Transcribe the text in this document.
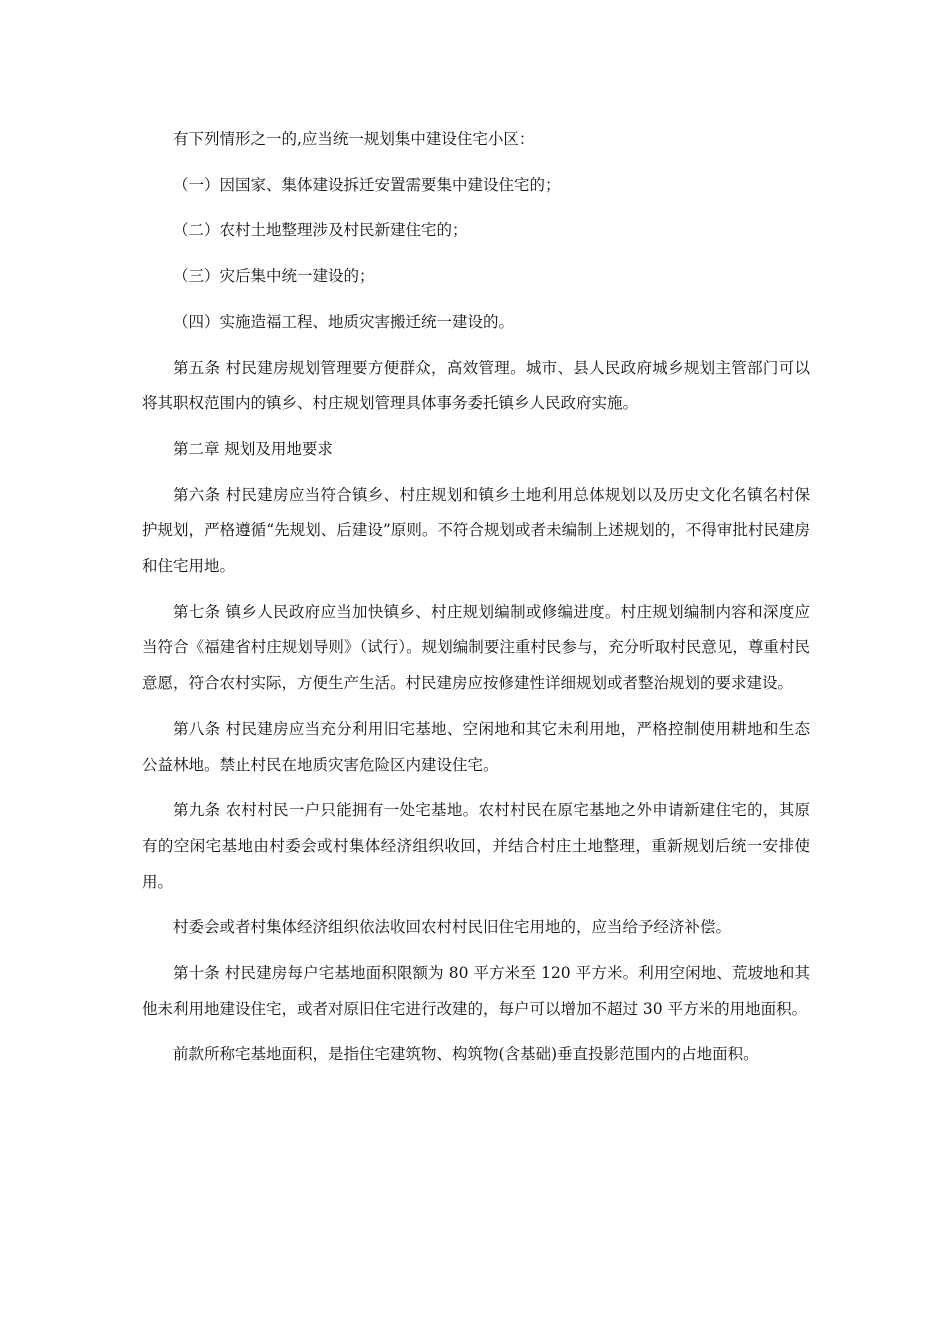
有下列情形之一的,应当统一规划集中建设住宅小区：

（一）因国家、集体建设拆迁安置需要集中建设住宅的；

（二）农村土地整理涉及村民新建住宅的；

（三）灾后集中统一建设的；

（四）实施造福工程、地质灾害搬迁统一建设的。

第五条 村民建房规划管理要方便群众，高效管理。城市、县人民政府城乡规划主管部门可以将其职权范围内的镇乡、村庄规划管理具体事务委托镇乡人民政府实施。

第二章 规划及用地要求

第六条 村民建房应当符合镇乡、村庄规划和镇乡土地利用总体规划以及历史文化名镇名村保护规划，严格遵循“先规划、后建设”原则。不符合规划或者未编制上述规划的，不得审批村民建房和住宅用地。

第七条 镇乡人民政府应当加快镇乡、村庄规划编制或修编进度。村庄规划编制内容和深度应当符合《福建省村庄规划导则》（试行）。规划编制要注重村民参与，充分听取村民意见，尊重村民意愿，符合农村实际，方便生产生活。村民建房应按修建性详细规划或者整治规划的要求建设。

第八条 村民建房应当充分利用旧宅基地、空闲地和其它未利用地，严格控制使用耕地和生态公益林地。禁止村民在地质灾害危险区内建设住宅。

第九条 农村村民一户只能拥有一处宅基地。农村村民在原宅基地之外申请新建住宅的，其原有的空闲宅基地由村委会或村集体经济组织收回，并结合村庄土地整理，重新规划后统一安排使用。

村委会或者村集体经济组织依法收回农村村民旧住宅用地的，应当给予经济补偿。

第十条 村民建房每户宅基地面积限额为 80 平方米至 120 平方米。利用空闲地、荒坡地和其他未利用地建设住宅，或者对原旧住宅进行改建的，每户可以增加不超过 30 平方米的用地面积。

前款所称宅基地面积，是指住宅建筑物、构筑物(含基础)垂直投影范围内的占地面积。
